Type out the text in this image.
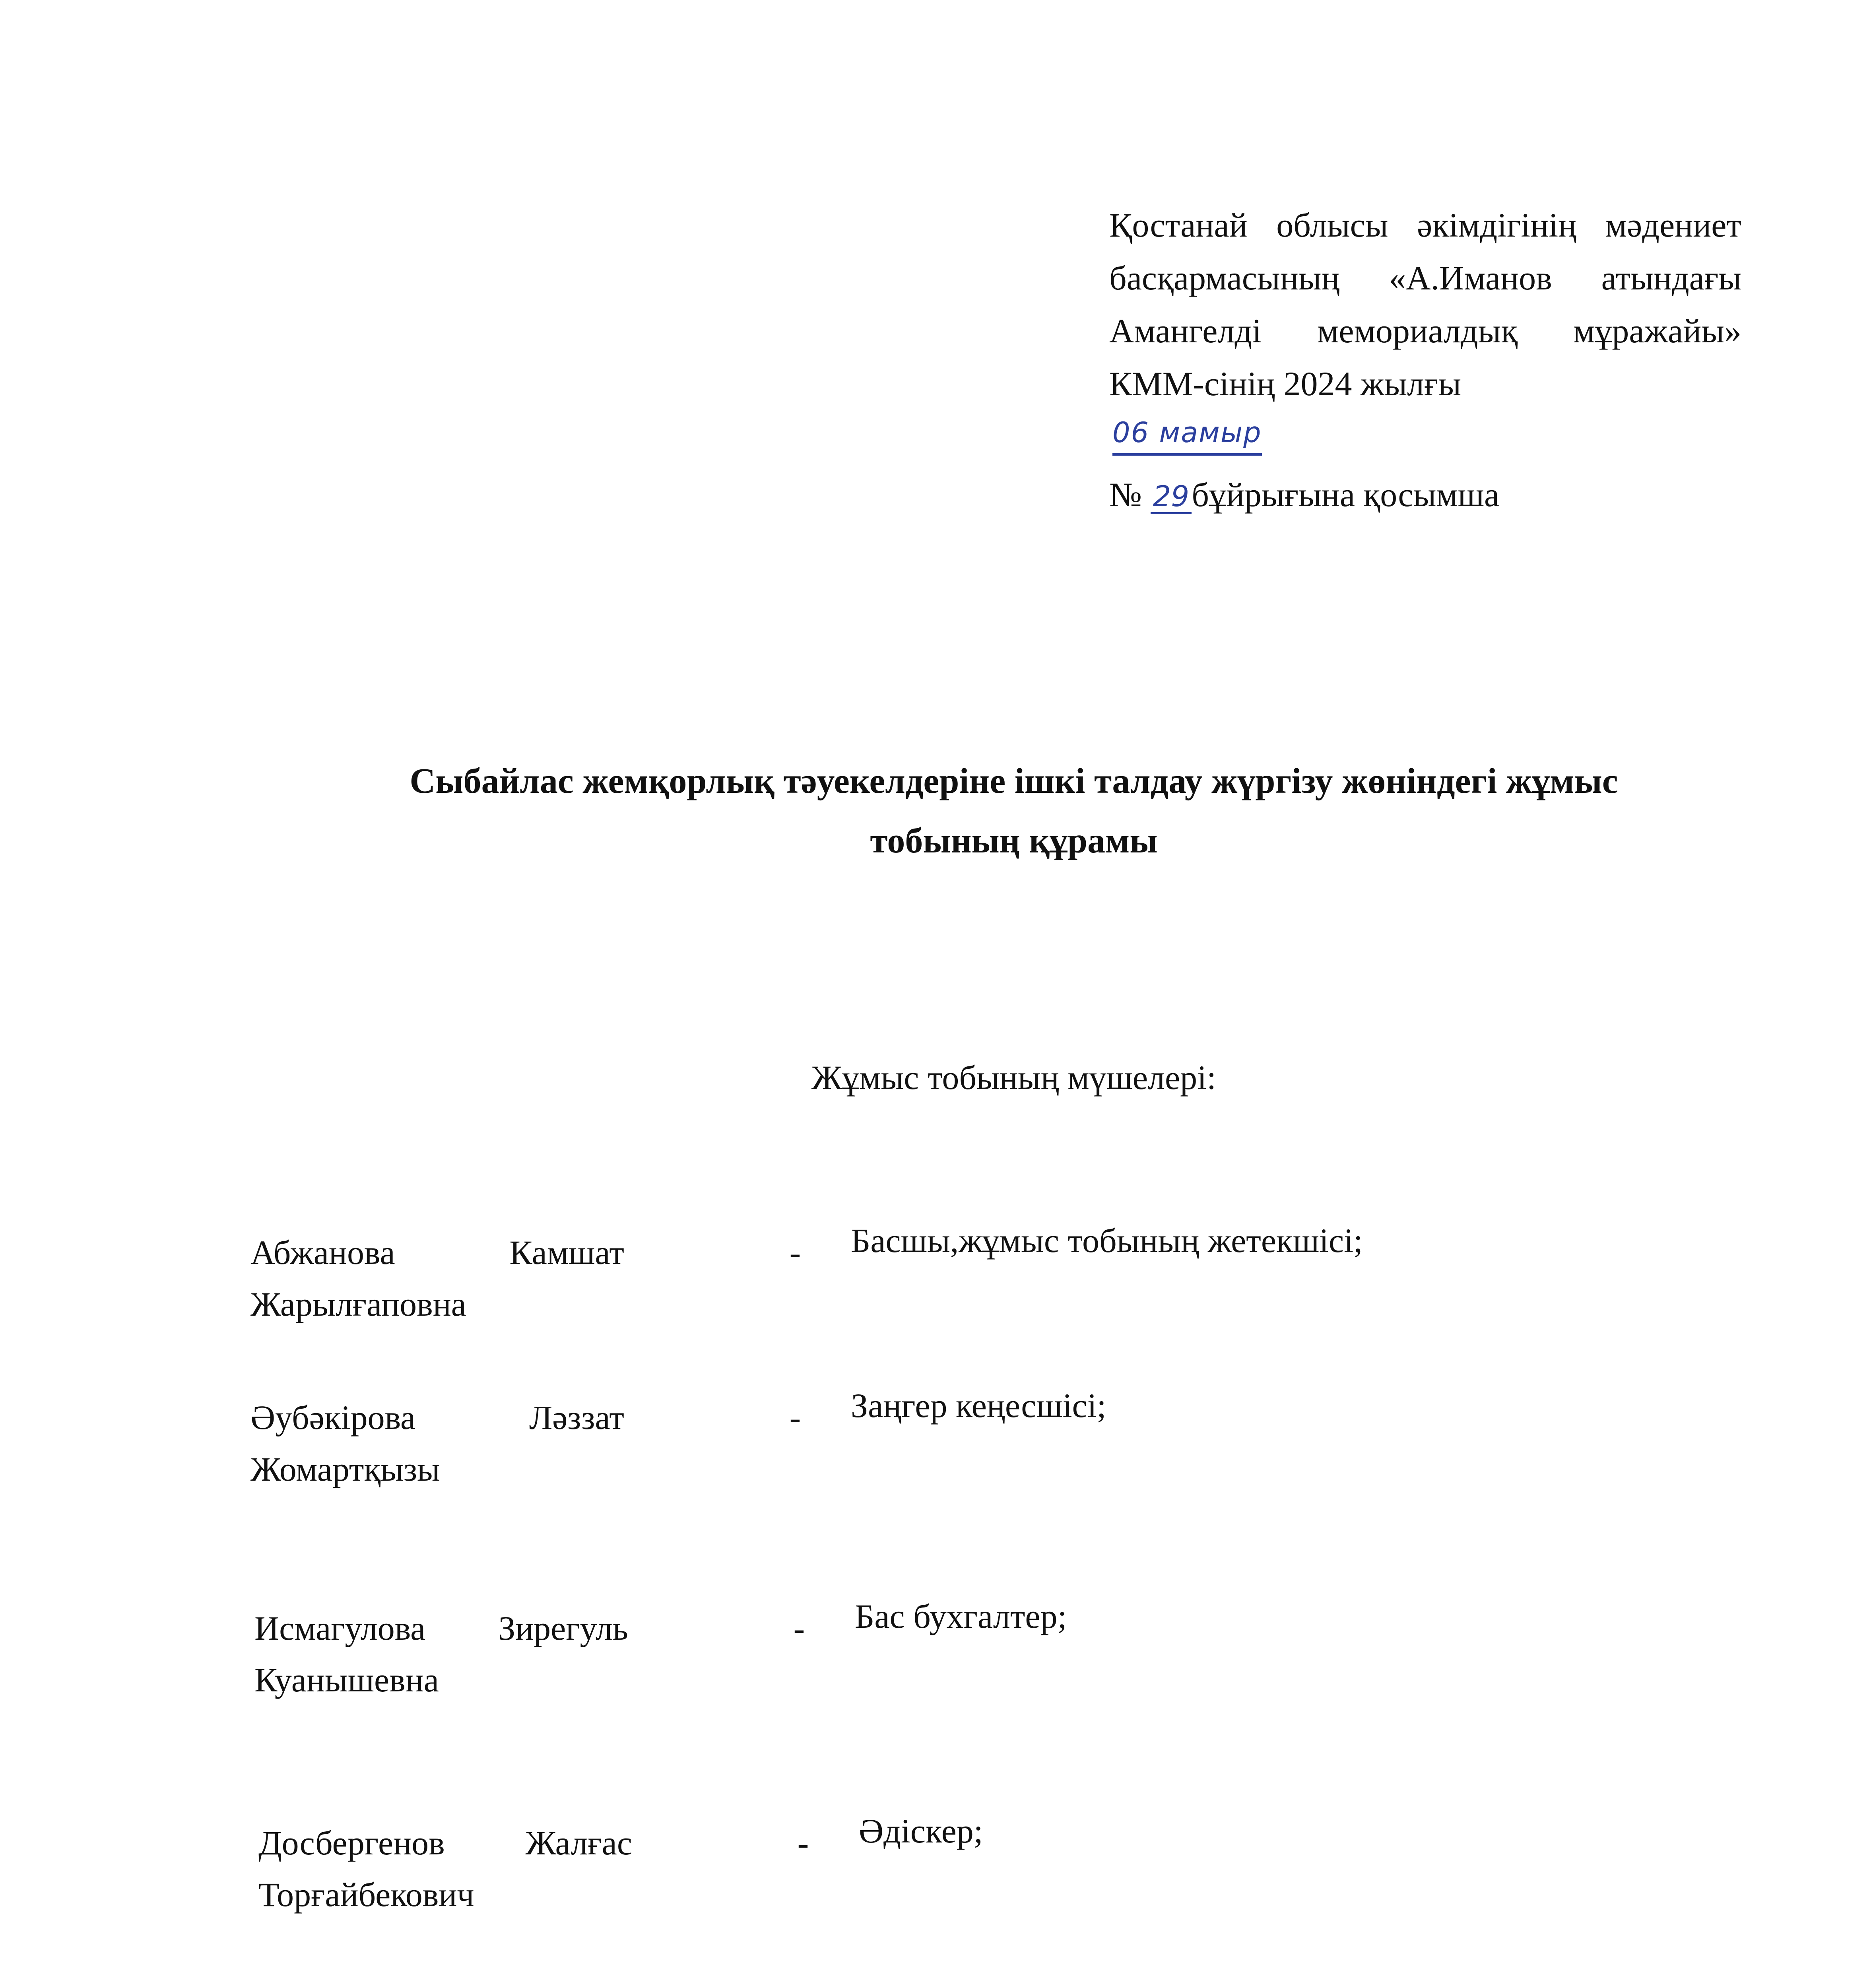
Қостанай облысы әкімдігінің мәдениет басқармасының «А.Иманов атындағы Амангелді мемориалдық мұражайы» КММ-сінің 2024 жылғы
06 мамыр
№ 29бұйрығына қосымша
Сыбайлас жемқорлық тәуекелдеріне ішкі талдау жүргізу жөніндегі жұмыс тобының құрамы
Жұмыс тобының мүшелері:
Абжанова	Камшат
Жарылғаповна
- Басшы,жұмыс тобының жетекшісі;
Әубәкірова	Ләззат
Жомартқызы
- Заңгер кеңесшісі;
Исмагулова	Зирегуль
Куанышевна
- Бас бухгалтер;
Досбергенов	Жалғас
Торғайбекович
- Әдіскер;
